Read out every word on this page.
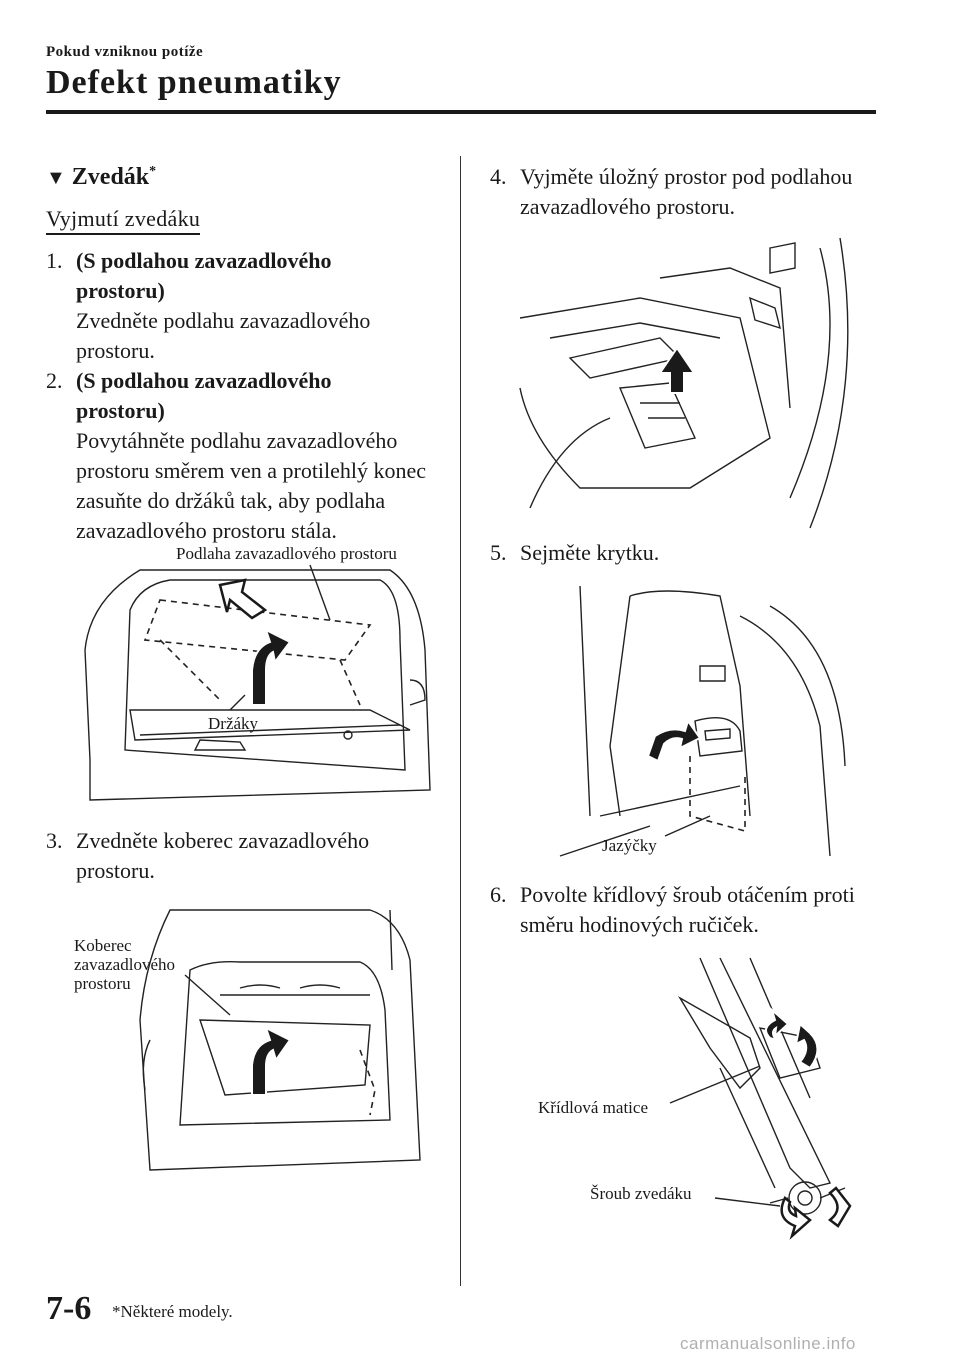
Pokud vzniknou potíže
Defekt pneumatiky
▼ Zvedák*
Vyjmutí zvedáku
1. (S podlahou zavazadlového prostoru)
Zvedněte podlahu zavazadlového prostoru.
2. (S podlahou zavazadlového prostoru)
Povytáhněte podlahu zavazadlového prostoru směrem ven a protilehlý konec zasuňte do držáků tak, aby podlaha zavazadlového prostoru stála.
Podlaha zavazadlového prostoru
Držáky
3. Zvedněte koberec zavazadlového prostoru.
Koberec
zavazadlového
prostoru
4. Vyjměte úložný prostor pod podlahou zavazadlového prostoru.
5. Sejměte krytku.
Jazýčky
6. Povolte křídlový šroub otáčením proti směru hodinových ručiček.
Křídlová matice
Šroub zvedáku
7-6 *Některé modely.
carmanualsonline.info
